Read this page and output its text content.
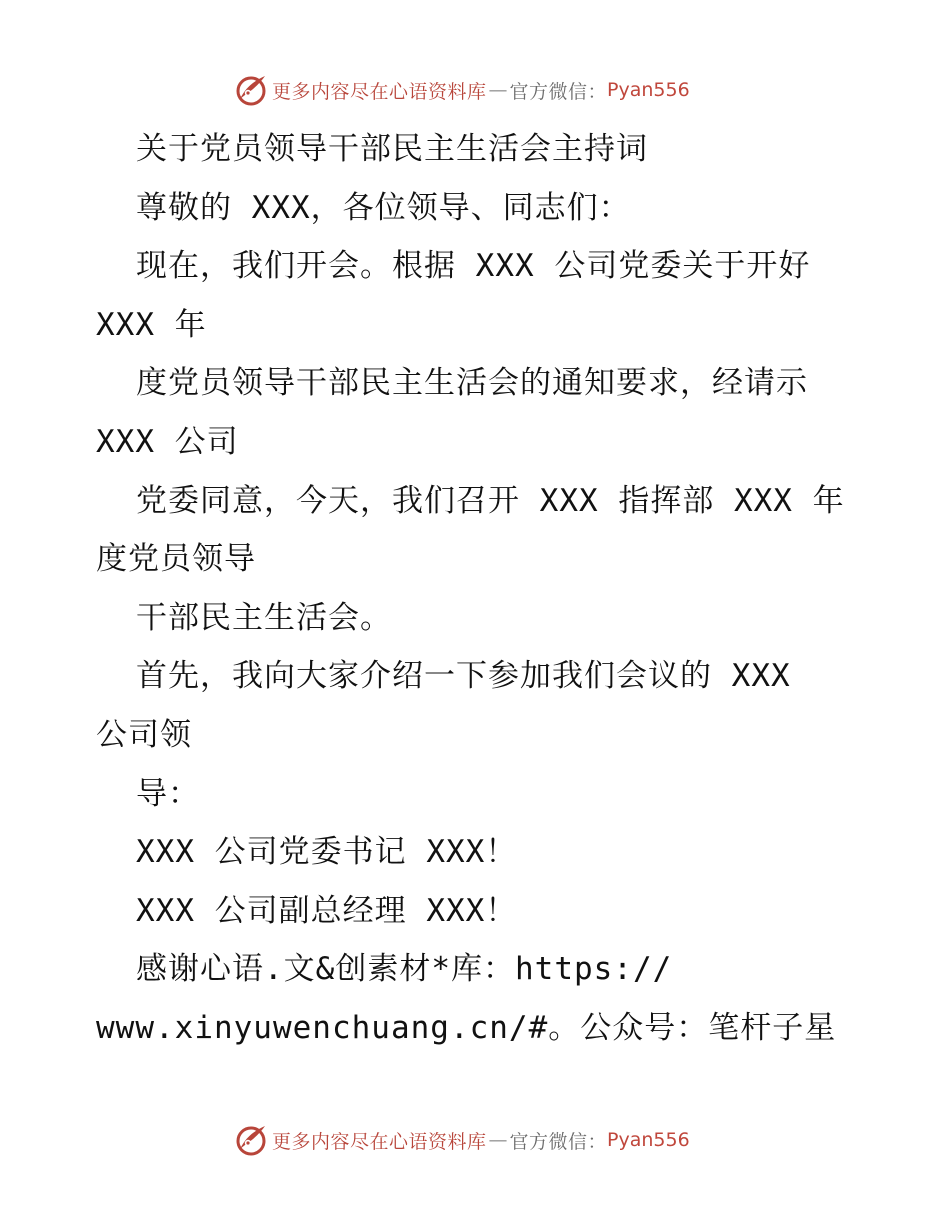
更多内容尽在心语资料库 — 官方微信： Pyan556
关于党员领导干部民主生活会主持词
尊敬的 XXX，各位领导、同志们：
现在，我们开会。根据 XXX 公司党委关于开好
XXX 年
度党员领导干部民主生活会的通知要求，经请示
XXX 公司
党委同意，今天，我们召开 XXX 指挥部 XXX 年
度党员领导
干部民主生活会。
首先，我向大家介绍一下参加我们会议的 XXX
公司领
导：
XXX 公司党委书记 XXX！
XXX 公司副总经理 XXX！
感谢心语.文&创素材*库：https://
www.xinyuwenchuang.cn/#。公众号：笔杆子星
更多内容尽在心语资料库 — 官方微信： Pyan556
